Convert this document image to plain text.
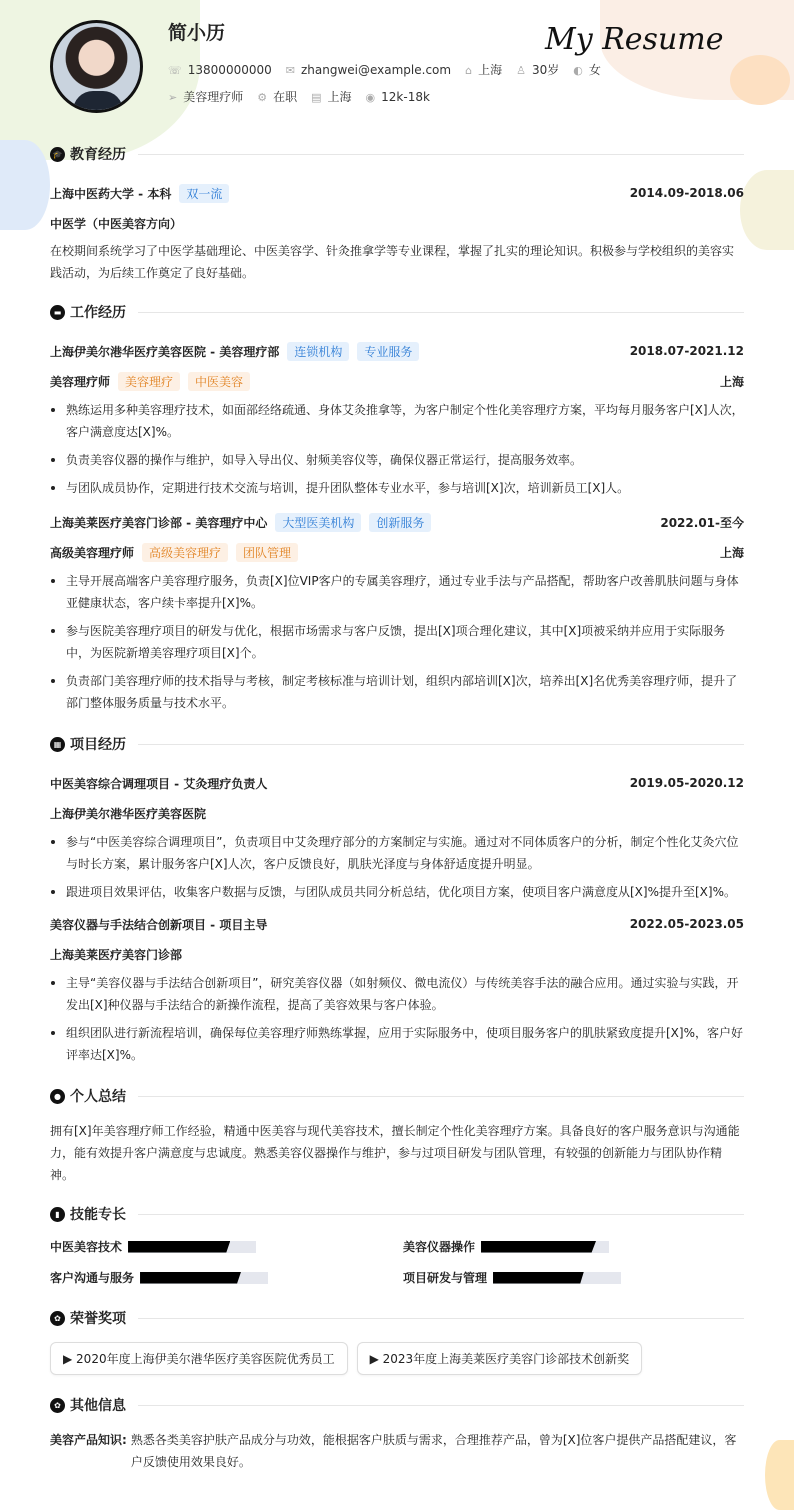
简小历	My Resume
☏ 13800000000 ✉ zhangwei@example.com ⌂ 上海 ♙ 30岁 ◐ 女
➢ 美容理疗师 ⚙ 在职 ▤ 上海 ◉ 12k-18k
🎓 教育经历
上海中医药大学 - 本科 双一流	2014.09-2018.06
中医学（中医美容方向）

在校期间系统学习了中医学基础理论、中医美容学、针灸推拿学等专业课程，掌握了扎实的理论知识。积极参与学校组织的美容实践活动，为后续工作奠定了良好基础。

▬ 工作经历
上海伊美尔港华医疗美容医院 - 美容理疗部 连锁机构 专业服务	2018.07-2021.12
美容理疗师 美容理疗 中医美容	上海
熟练运用多种美容理疗技术，如面部经络疏通、身体艾灸推拿等，为客户制定个性化美容理疗方案，平均每月服务客户[X]人次，客户满意度达[X]%。
负责美容仪器的操作与维护，如导入导出仪、射频美容仪等，确保仪器正常运行，提高服务效率。
与团队成员协作，定期进行技术交流与培训，提升团队整体专业水平，参与培训[X]次，培训新员工[X]人。
上海美莱医疗美容门诊部 - 美容理疗中心 大型医美机构 创新服务	2022.01-至今
高级美容理疗师 高级美容理疗 团队管理	上海
主导开展高端客户美容理疗服务，负责[X]位VIP客户的专属美容理疗，通过专业手法与产品搭配，帮助客户改善肌肤问题与身体亚健康状态，客户续卡率提升[X]%。
参与医院美容理疗项目的研发与优化，根据市场需求与客户反馈，提出[X]项合理化建议，其中[X]项被采纳并应用于实际服务中，为医院新增美容理疗项目[X]个。
负责部门美容理疗师的技术指导与考核，制定考核标准与培训计划，组织内部培训[X]次，培养出[X]名优秀美容理疗师，提升了部门整体服务质量与技术水平。
▦ 项目经历
中医美容综合调理项目 - 艾灸理疗负责人	2019.05-2020.12
上海伊美尔港华医疗美容医院
参与“中医美容综合调理项目”，负责项目中艾灸理疗部分的方案制定与实施。通过对不同体质客户的分析，制定个性化艾灸穴位与时长方案，累计服务客户[X]人次，客户反馈良好，肌肤光泽度与身体舒适度提升明显。
跟进项目效果评估，收集客户数据与反馈，与团队成员共同分析总结，优化项目方案，使项目客户满意度从[X]%提升至[X]%。
美容仪器与手法结合创新项目 - 项目主导	2022.05-2023.05
上海美莱医疗美容门诊部
主导“美容仪器与手法结合创新项目”，研究美容仪器（如射频仪、微电流仪）与传统美容手法的融合应用。通过实验与实践，开发出[X]种仪器与手法结合的新操作流程，提高了美容效果与客户体验。
组织团队进行新流程培训，确保每位美容理疗师熟练掌握，应用于实际服务中，使项目服务客户的肌肤紧致度提升[X]%，客户好评率达[X]%。
● 个人总结

拥有[X]年美容理疗师工作经验，精通中医美容与现代美容技术，擅长制定个性化美容理疗方案。具备良好的客户服务意识与沟通能力，能有效提升客户满意度与忠诚度。熟悉美容仪器操作与维护，参与过项目研发与团队管理，有较强的创新能力与团队协作精神。

▮ 技能专长
中医美容技术	美容仪器操作
客户沟通与服务	项目研发与管理
✿ 荣誉奖项
▶ 2020年度上海伊美尔港华医疗美容医院优秀员工	▶ 2023年度上海美莱医疗美容门诊部技术创新奖
✿ 其他信息
美容产品知识: 熟悉各类美容护肤产品成分与功效，能根据客户肤质与需求，合理推荐产品，曾为[X]位客户提供产品搭配建议，客户反馈使用效果良好。
